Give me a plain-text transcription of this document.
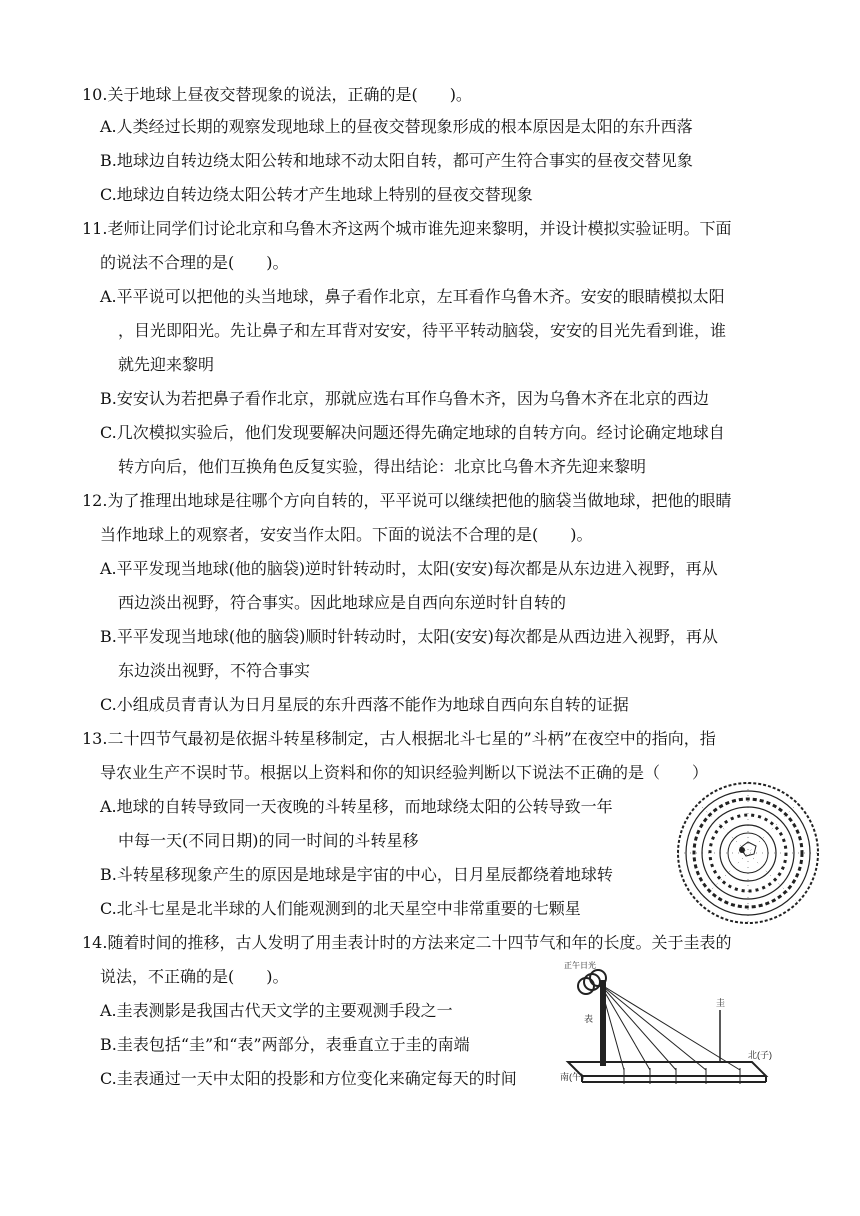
10.关于地球上昼夜交替现象的说法，正确的是(　　)。
A.人类经过长期的观察发现地球上的昼夜交替现象形成的根本原因是太阳的东升西落
B.地球边自转边绕太阳公转和地球不动太阳自转，都可产生符合事实的昼夜交替见象
C.地球边自转边绕太阳公转才产生地球上特别的昼夜交替现象
11.老师让同学们讨论北京和乌鲁木齐这两个城市谁先迎来黎明，并设计模拟实验证明。下面
的说法不合理的是(　　)。
A.平平说可以把他的头当地球，鼻子看作北京，左耳看作乌鲁木齐。安安的眼睛模拟太阳
，目光即阳光。先让鼻子和左耳背对安安，待平平转动脑袋，安安的目光先看到谁，谁
就先迎来黎明
B.安安认为若把鼻子看作北京，那就应选右耳作乌鲁木齐，因为乌鲁木齐在北京的西边
C.几次模拟实验后，他们发现要解决问题还得先确定地球的自转方向。经讨论确定地球自
转方向后，他们互换角色反复实验，得出结论：北京比乌鲁木齐先迎来黎明
12.为了推理出地球是往哪个方向自转的，平平说可以继续把他的脑袋当做地球，把他的眼睛
当作地球上的观察者，安安当作太阳。下面的说法不合理的是(　　)。
A.平平发现当地球(他的脑袋)逆时针转动时，太阳(安安)每次都是从东边进入视野，再从
西边淡出视野，符合事实。因此地球应是自西向东逆时针自转的
B.平平发现当地球(他的脑袋)顺时针转动时，太阳(安安)每次都是从西边进入视野，再从
东边淡出视野，不符合事实
C.小组成员青青认为日月星辰的东升西落不能作为地球自西向东自转的证据
13.二十四节气最初是依据斗转星移制定，古人根据北斗七星的”斗柄”在夜空中的指向，指
导农业生产不误时节。根据以上资料和你的知识经验判断以下说法不正确的是（　　）
A.地球的自转导致同一天夜晚的斗转星移，而地球绕太阳的公转导致一年
中每一天(不同日期)的同一时间的斗转星移
B.斗转星移现象产生的原因是地球是宇宙的中心，日月星辰都绕着地球转
C.北斗七星是北半球的人们能观测到的北天星空中非常重要的七颗星
14.随着时间的推移，古人发明了用圭表计时的方法来定二十四节气和年的长度。关于圭表的
说法，不正确的是(　　)。
A.圭表测影是我国古代天文学的主要观测手段之一
B.圭表包括“圭”和“表”两部分，表垂直立于圭的南端
C.圭表通过一天中太阳的投影和方位变化来确定每天的时间
正午日光
表
圭
南(午)
北(子)
